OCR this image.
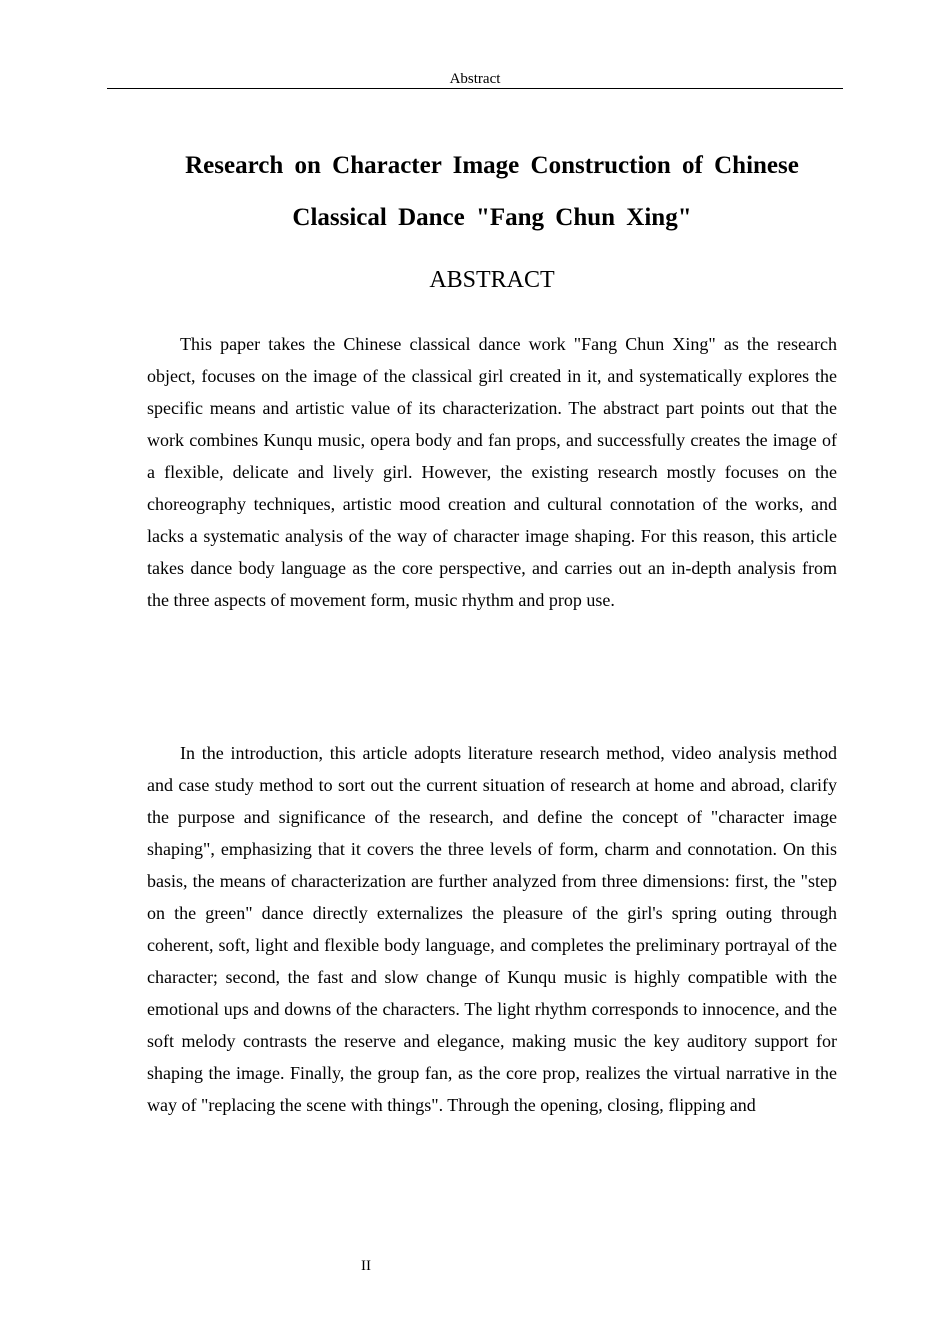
Abstract
Research on Character Image Construction of Chinese
Classical Dance "Fang Chun Xing"
ABSTRACT

This paper takes the Chinese classical dance work "Fang Chun Xing" as the research object, focuses on the image of the classical girl created in it, and systematically explores the specific means and artistic value of its characterization. The abstract part points out that the work combines Kunqu music, opera body and fan props, and successfully creates the image of a flexible, delicate and lively girl. However, the existing research mostly focuses on the choreography techniques, artistic mood creation and cultural connotation of the works, and lacks a systematic analysis of the way of character image shaping. For this reason, this article takes dance body language as the core perspective, and carries out an in-depth analysis from the three aspects of movement form, music rhythm and prop use.

In the introduction, this article adopts literature research method, video analysis method and case study method to sort out the current situation of research at home and abroad, clarify the purpose and significance of the research, and define the concept of "character image shaping", emphasizing that it covers the three levels of form, charm and connotation. On this basis, the means of characterization are further analyzed from three dimensions: first, the "step on the green" dance directly externalizes the pleasure of the girl's spring outing through coherent, soft, light and flexible body language, and completes the preliminary portrayal of the character; second, the fast and slow change of Kunqu music is highly compatible with the emotional ups and downs of the characters. The light rhythm corresponds to innocence, and the soft melody contrasts the reserve and elegance, making music the key auditory support for shaping the image. Finally, the group fan, as the core prop, realizes the virtual narrative in the way of "replacing the scene with things". Through the opening, closing, flipping and

II
